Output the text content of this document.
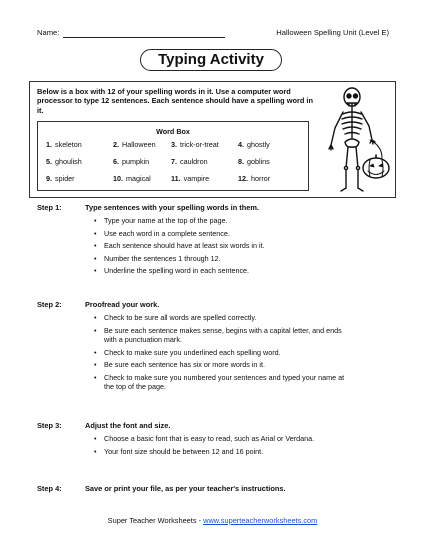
Name:	Halloween Spelling Unit (Level E)
Typing Activity
Below is a box with 12 of your spelling words in it. Use a computer word processor to type 12 sentences. Each sentence should have a spelling word in it.
Word Box
1. skeleton	2. Halloween 3. trick-or-treat	4. ghostly
5. ghoulish	6. pumpkin	7. cauldron	8. goblins
9. spider	10. magical	11. vampire	12. horror
Step 1:	Type sentences with your spelling words in them.
• Type your name at the top of the page.
• Use each word in a complete sentence.
• Each sentence should have at least six words in it.
• Number the sentences 1 through 12.
• Underline the spelling word in each sentence.
Step 2:	Proofread your work.
• Check to be sure all words are spelled correctly.
• Be sure each sentence makes sense, begins with a capital letter, and ends with a punctuation mark.
• Check to make sure you underlined each spelling word.
• Be sure each sentence has six or more words in it.
• Check to make sure you numbered your sentences and typed your name at the top of the page.
Step 3:	Adjust the font and size.
• Choose a basic font that is easy to read, such as Arial or Verdana.
• Your font size should be between 12 and 16 point.
Step 4:	Save or print your file, as per your teacher's instructions.
Super Teacher Worksheets - www.superteacherworksheets.com
